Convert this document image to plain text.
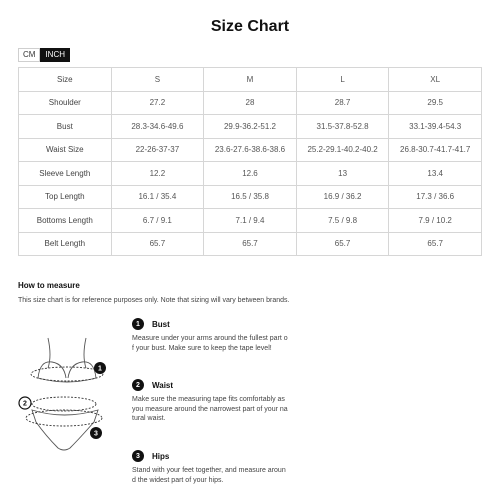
Size Chart
CM	INCH
Size	S	M	L	XL
Shoulder	27.2	28	28.7	29.5
Bust	28.3-34.6-49.6	29.9-36.2-51.2	31.5-37.8-52.8	33.1-39.4-54.3
Waist Size	22-26-37-37	23.6-27.6-38.6-38.6	25.2-29.1-40.2-40.2	26.8-30.7-41.7-41.7
Sleeve Length	12.2	12.6	13	13.4
Top Length	16.1 / 35.4	16.5 / 35.8	16.9 / 36.2	17.3 / 36.6
Bottoms Length	6.7 / 9.1	7.1 / 9.4	7.5 / 9.8	7.9 / 10.2
Belt Length	65.7	65.7	65.7	65.7
How to measure
This size chart is for reference purposes only. Note that sizing will vary between brands.
1
2
3
1	Bust
Measure under your arms around the fullest part o
f your bust. Make sure to keep the tape level!
2	Waist
Make sure the measuring tape fits comfortably as
you measure around the narrowest part of your na
tural waist.
3	Hips
Stand with your feet together, and measure aroun
d the widest part of your hips.
